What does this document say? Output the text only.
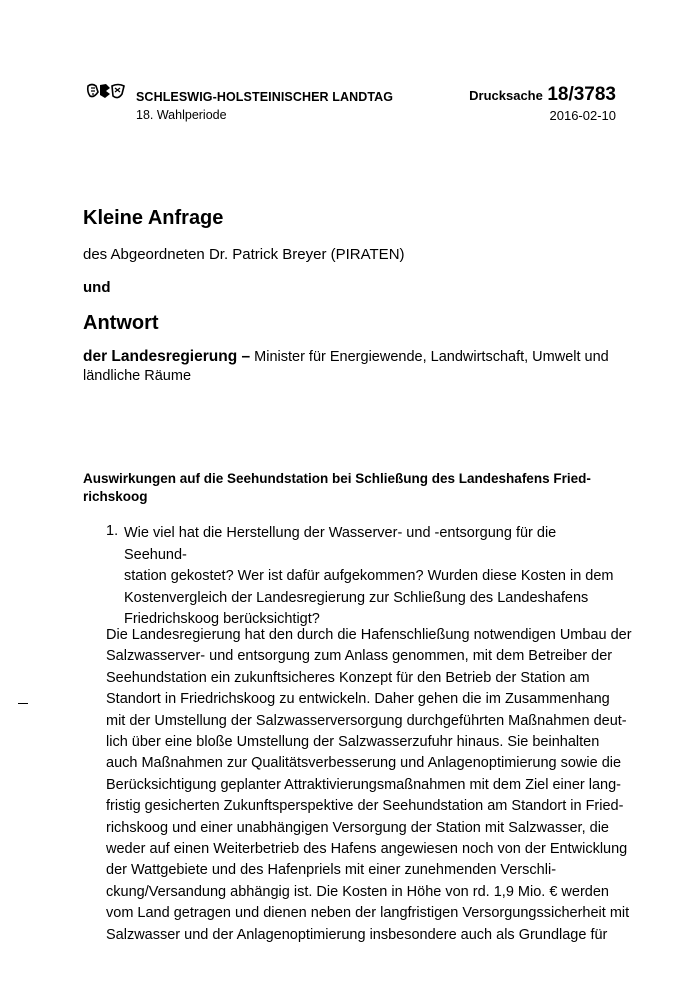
SCHLESWIG-HOLSTEINISCHER LANDTAG
18. Wahlperiode
Drucksache 18/3783
2016-02-10
Kleine Anfrage
des Abgeordneten Dr. Patrick Breyer (PIRATEN)
und
Antwort
der Landesregierung – Minister für Energiewende, Landwirtschaft, Umwelt und
ländliche Räume
Auswirkungen auf die Seehundstation bei Schließung des Landeshafens Fried-
richskoog
1. Wie viel hat die Herstellung der Wasserver- und -entsorgung für die Seehund-
station gekostet? Wer ist dafür aufgekommen? Wurden diese Kosten in dem
Kostenvergleich der Landesregierung zur Schließung des Landeshafens
Friedrichskoog berücksichtigt?
Die Landesregierung hat den durch die Hafenschließung notwendigen Umbau der
Salzwasserver- und entsorgung zum Anlass genommen, mit dem Betreiber der
Seehundstation ein zukunftsicheres Konzept für den Betrieb der Station am
Standort in Friedrichskoog zu entwickeln. Daher gehen die im Zusammenhang
mit der Umstellung der Salzwasserversorgung durchgeführten Maßnahmen deut-
lich über eine bloße Umstellung der Salzwasserzufuhr hinaus. Sie beinhalten
auch Maßnahmen zur Qualitätsverbesserung und Anlagenoptimierung sowie die
Berücksichtigung geplanter Attraktivierungsmaßnahmen mit dem Ziel einer lang-
fristig gesicherten Zukunftsperspektive der Seehundstation am Standort in Fried-
richskoog und einer unabhängigen Versorgung der Station mit Salzwasser, die
weder auf einen Weiterbetrieb des Hafens angewiesen noch von der Entwicklung
der Wattgebiete und des Hafenpriels mit einer zunehmenden Verschli-
ckung/Versandung abhängig ist. Die Kosten in Höhe von rd. 1,9 Mio. € werden
vom Land getragen und dienen neben der langfristigen Versorgungssicherheit mit
Salzwasser und der Anlagenoptimierung insbesondere auch als Grundlage für
